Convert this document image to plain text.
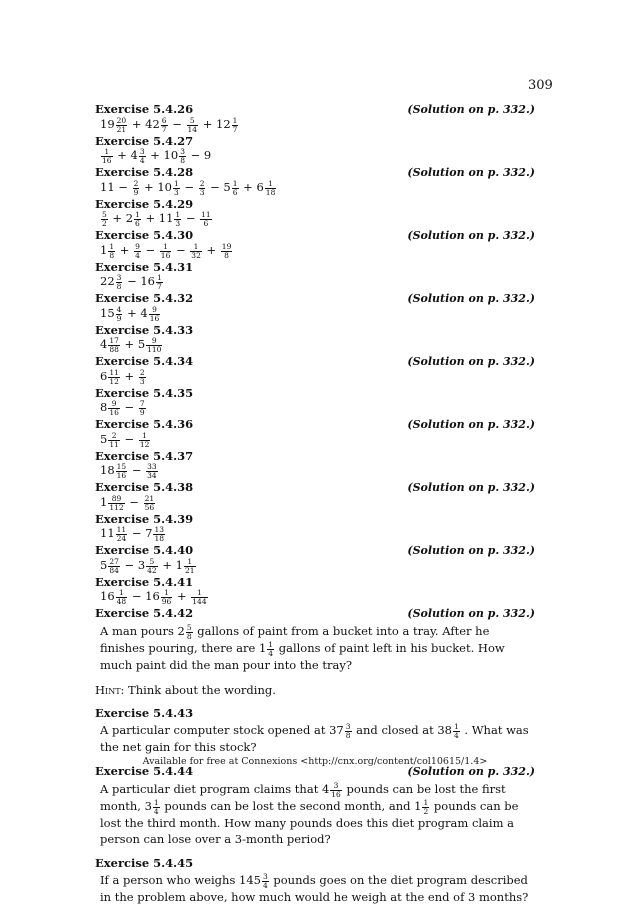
309
Exercise 5.4.26	(Solution on p. 332.)
$19 \frac{20}{21} + 42 \frac{6}{7} - \frac{5}{14} + 12 \frac{1}{7}$
Exercise 5.4.27
$\frac{1}{16} + 4 \frac{3}{4} + 10 \frac{3}{8} - 9$
Exercise 5.4.28	(Solution on p. 332.)
$11 - \frac{2}{9} + 10 \frac{1}{3} - \frac{2}{3} - 5 \frac{1}{6} + 6 \frac{1}{18}$
Exercise 5.4.29
$\frac{5}{2} + 2 \frac{1}{6} + 11 \frac{1}{3} - \frac{11}{6}$
Exercise 5.4.30	(Solution on p. 332.)
$1 \frac{1}{8} + \frac{9}{4} - \frac{1}{16} - \frac{1}{32} + \frac{19}{8}$
Exercise 5.4.31
$22 \frac{3}{8} - 16 \frac{1}{7}$
Exercise 5.4.32	(Solution on p. 332.)
$15 \frac{4}{9} + 4 \frac{9}{16}$
Exercise 5.4.33
$4 \frac{17}{88} + 5 \frac{9}{110}$
Exercise 5.4.34	(Solution on p. 332.)
$6 \frac{11}{12} + \frac{2}{3}$
Exercise 5.4.35
$8 \frac{9}{16} - \frac{7}{9}$
Exercise 5.4.36	(Solution on p. 332.)
$5 \frac{2}{11} - \frac{1}{12}$
Exercise 5.4.37
$18 \frac{15}{16} - \frac{33}{34}$
Exercise 5.4.38	(Solution on p. 332.)
$1 \frac{89}{112} - \frac{21}{56}$
Exercise 5.4.39
$11 \frac{11}{24} - 7 \frac{13}{18}$
Exercise 5.4.40	(Solution on p. 332.)
$5 \frac{27}{84} - 3 \frac{5}{42} + 1 \frac{1}{21}$
Exercise 5.4.41
$16 \frac{1}{48} - 16 \frac{1}{96} + \frac{1}{144}$
Exercise 5.4.42	(Solution on p. 332.)
A man pours $2 \frac{5}{8}$ gallons of paint from a bucket into a tray. After he finishes pouring, there are $1 \frac{1}{4}$ gallons of paint left in his bucket. How much paint did the man pour into the tray?
Hint: Think about the wording.
Exercise 5.4.43
A particular computer stock opened at $37 \frac{3}{8}$ and closed at $38 \frac{1}{4}$ . What was the net gain for this stock?
Exercise 5.4.44	(Solution on p. 332.)
A particular diet program claims that $4 \frac{3}{16}$ pounds can be lost the first month, $3 \frac{1}{4}$ pounds can be lost the second month, and $1 \frac{1}{2}$ pounds can be lost the third month. How many pounds does this diet program claim a person can lose over a 3-month period?
Exercise 5.4.45
If a person who weighs $145 \frac{3}{4}$ pounds goes on the diet program described in the problem above, how much would he weigh at the end of 3 months?
Available for free at Connexions <http://cnx.org/content/col10615/1.4>
